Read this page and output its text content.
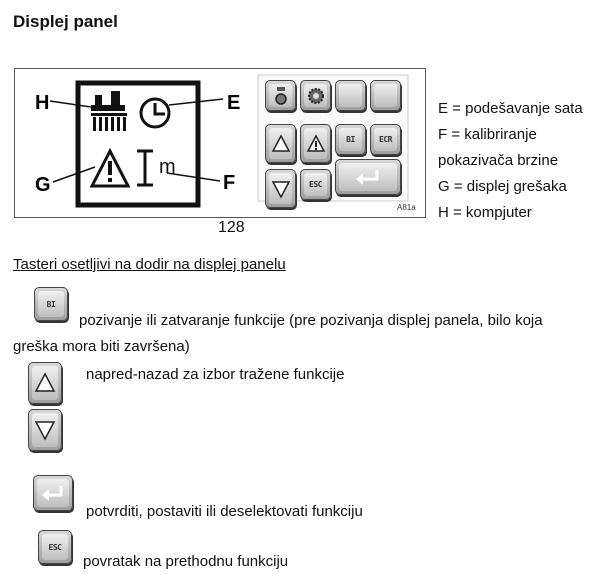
Displej panel
m
H	E
G	F
A81a
BI	ECR
ESC
128
E = podešavanje sata
F = kalibriranje
pokazivača brzine
G = displej grešaka
H = kompjuter
Tasteri osetljivi na dodir na displej panelu
BI
pozivanje ili zatvaranje funkcije (pre pozivanja displej panela, bilo koja
greška mora biti završena)
napred-nazad za izbor tražene funkcije
potvrditi, postaviti ili deselektovati funkciju
ESC
povratak na prethodnu funkciju
